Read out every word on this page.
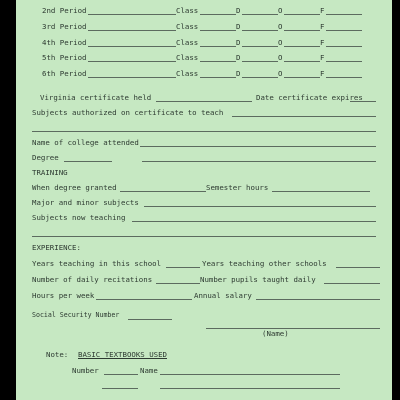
2nd Period	Class	D	O	F
3rd Period	Class	D	O	F
4th Period	Class	D	O	F
5th Period	Class	D	O	F
6th Period	Class	D	O	F
Virginia certificate held	Date certificate expires
Subjects authorized on certificate to teach
Name of college attended
Degree
TRAINING
When degree granted	Semester hours
Major and minor subjects
Subjects now teaching
EXPERIENCE:
Years teaching in this school	Years teaching other schools
Number of daily recitations	Number pupils taught daily
Hours per week	Annual salary
Social Security Number
(Name)
Note: BASIC TEXTBOOKS USED
Number	Name
